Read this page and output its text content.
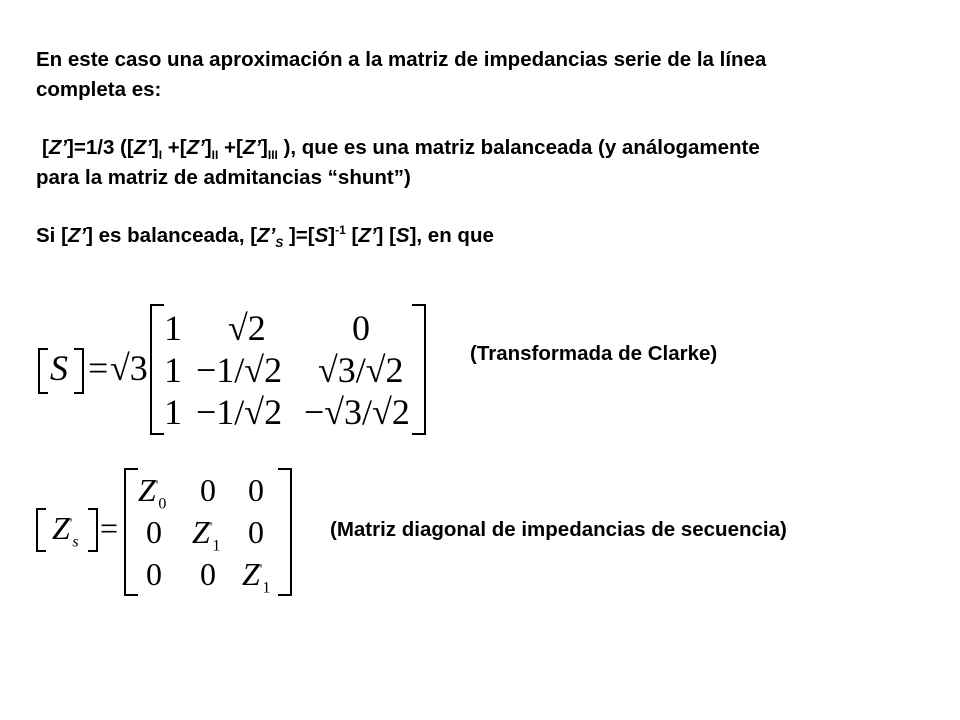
En este caso una aproximación a la matriz de impedancias serie de la línea
completa es:
[Z’]=1/3 ($[Z’]_I$ $+[Z’]_{II}$ $+[Z’]_{III}$ ), que es una matriz balanceada (y análogamente
para la matriz de admitancias “shunt”)
Si [Z’] es balanceada, [$Z’_S$ ]$=[S]^{-1}$ [Z’] [S], en que
S = √3
1 √2 0
1 −1/√2 √3/√2
1 −1/√2 −√3/√2
(Transformada de Clarke)
$Z'_s$ =
$Z'_0$ 0 0
0 $Z'_1$ 0
0 0 $Z'_1$
(Matriz diagonal de impedancias de secuencia)
